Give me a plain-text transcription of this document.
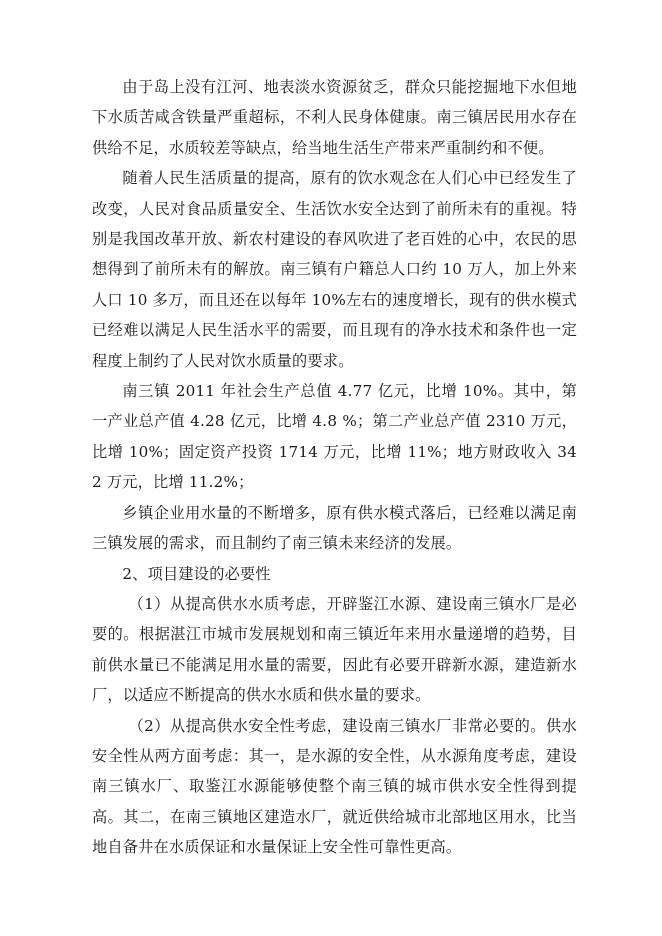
由于岛上没有江河、地表淡水资源贫乏，群众只能挖掘地下水但地下水质苦咸含铁量严重超标，不利人民身体健康。南三镇居民用水存在供给不足，水质较差等缺点，给当地生活生产带来严重制约和不便。

随着人民生活质量的提高，原有的饮水观念在人们心中已经发生了改变，人民对食品质量安全、生活饮水安全达到了前所未有的重视。特别是我国改革开放、新农村建设的春风吹进了老百姓的心中，农民的思想得到了前所未有的解放。南三镇有户籍总人口约 10 万人，加上外来人口 10 多万，而且还在以每年 10%左右的速度增长，现有的供水模式已经难以满足人民生活水平的需要，而且现有的净水技术和条件也一定程度上制约了人民对饮水质量的要求。

南三镇 2011 年社会生产总值 4.77 亿元，比增 10%。其中，第一产业总产值 4.28 亿元，比增 4.8 %；第二产业总产值 2310 万元，比增 10%；固定资产投资 1714 万元，比增 11%；地方财政收入 342 万元，比增 11.2%；

乡镇企业用水量的不断增多，原有供水模式落后，已经难以满足南三镇发展的需求，而且制约了南三镇未来经济的发展。

2、项目建设的必要性

（1）从提高供水水质考虑，开辟鉴江水源、建设南三镇水厂是必要的。根据湛江市城市发展规划和南三镇近年来用水量递增的趋势，目前供水量已不能满足用水量的需要，因此有必要开辟新水源，建造新水厂，以适应不断提高的供水水质和供水量的要求。

（2）从提高供水安全性考虑，建设南三镇水厂非常必要的。供水安全性从两方面考虑：其一，是水源的安全性，从水源角度考虑，建设南三镇水厂、取鉴江水源能够使整个南三镇的城市供水安全性得到提高。其二，在南三镇地区建造水厂，就近供给城市北部地区用水，比当地自备井在水质保证和水量保证上安全性可靠性更高。
